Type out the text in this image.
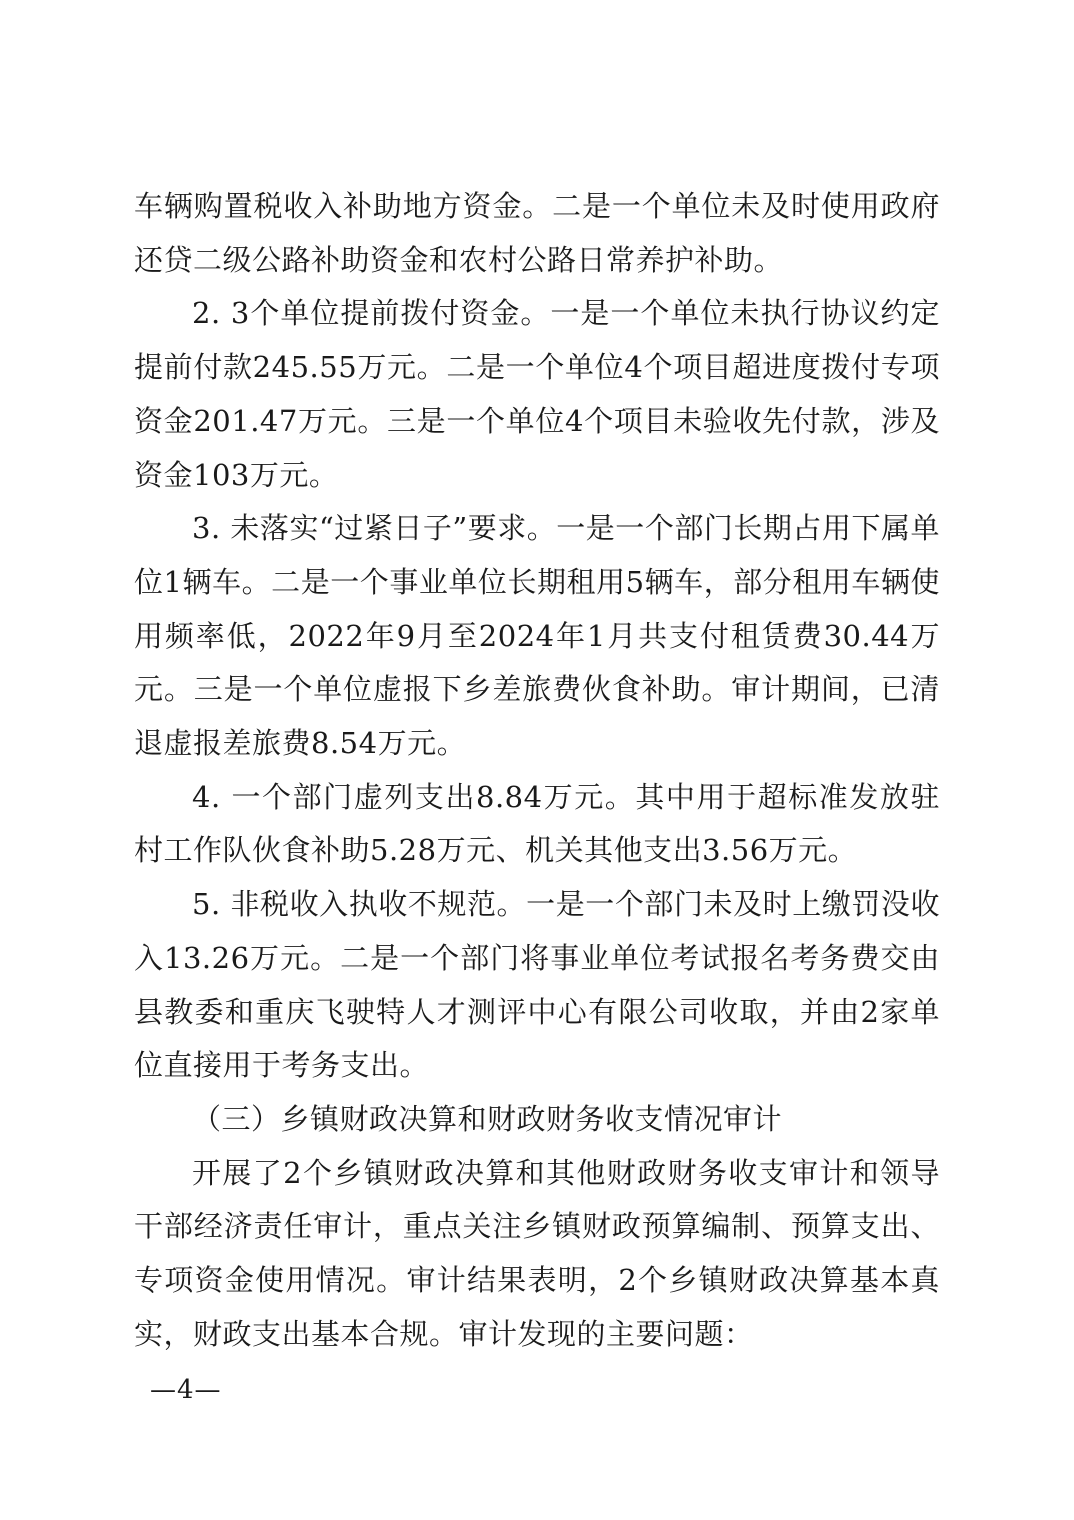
车辆购置税收入补助地方资金。二是一个单位未及时使用政府还贷二级公路补助资金和农村公路日常养护补助。

2. 3个单位提前拨付资金。一是一个单位未执行协议约定提前付款245.55万元。二是一个单位4个项目超进度拨付专项资金201.47万元。三是一个单位4个项目未验收先付款，涉及资金103万元。

3. 未落实“过紧日子”要求。一是一个部门长期占用下属单位1辆车。二是一个事业单位长期租用5辆车，部分租用车辆使用频率低，2022年9月至2024年1月共支付租赁费30.44万元。三是一个单位虚报下乡差旅费伙食补助。审计期间，已清退虚报差旅费8.54万元。

4. 一个部门虚列支出8.84万元。其中用于超标准发放驻村工作队伙食补助5.28万元、机关其他支出3.56万元。

5. 非税收入执收不规范。一是一个部门未及时上缴罚没收入13.26万元。二是一个部门将事业单位考试报名考务费交由县教委和重庆飞驶特人才测评中心有限公司收取，并由2家单位直接用于考务支出。

（三）乡镇财政决算和财政财务收支情况审计

开展了2个乡镇财政决算和其他财政财务收支审计和领导干部经济责任审计，重点关注乡镇财政预算编制、预算支出、专项资金使用情况。审计结果表明，2个乡镇财政决算基本真实，财政支出基本合规。审计发现的主要问题：

—4—
